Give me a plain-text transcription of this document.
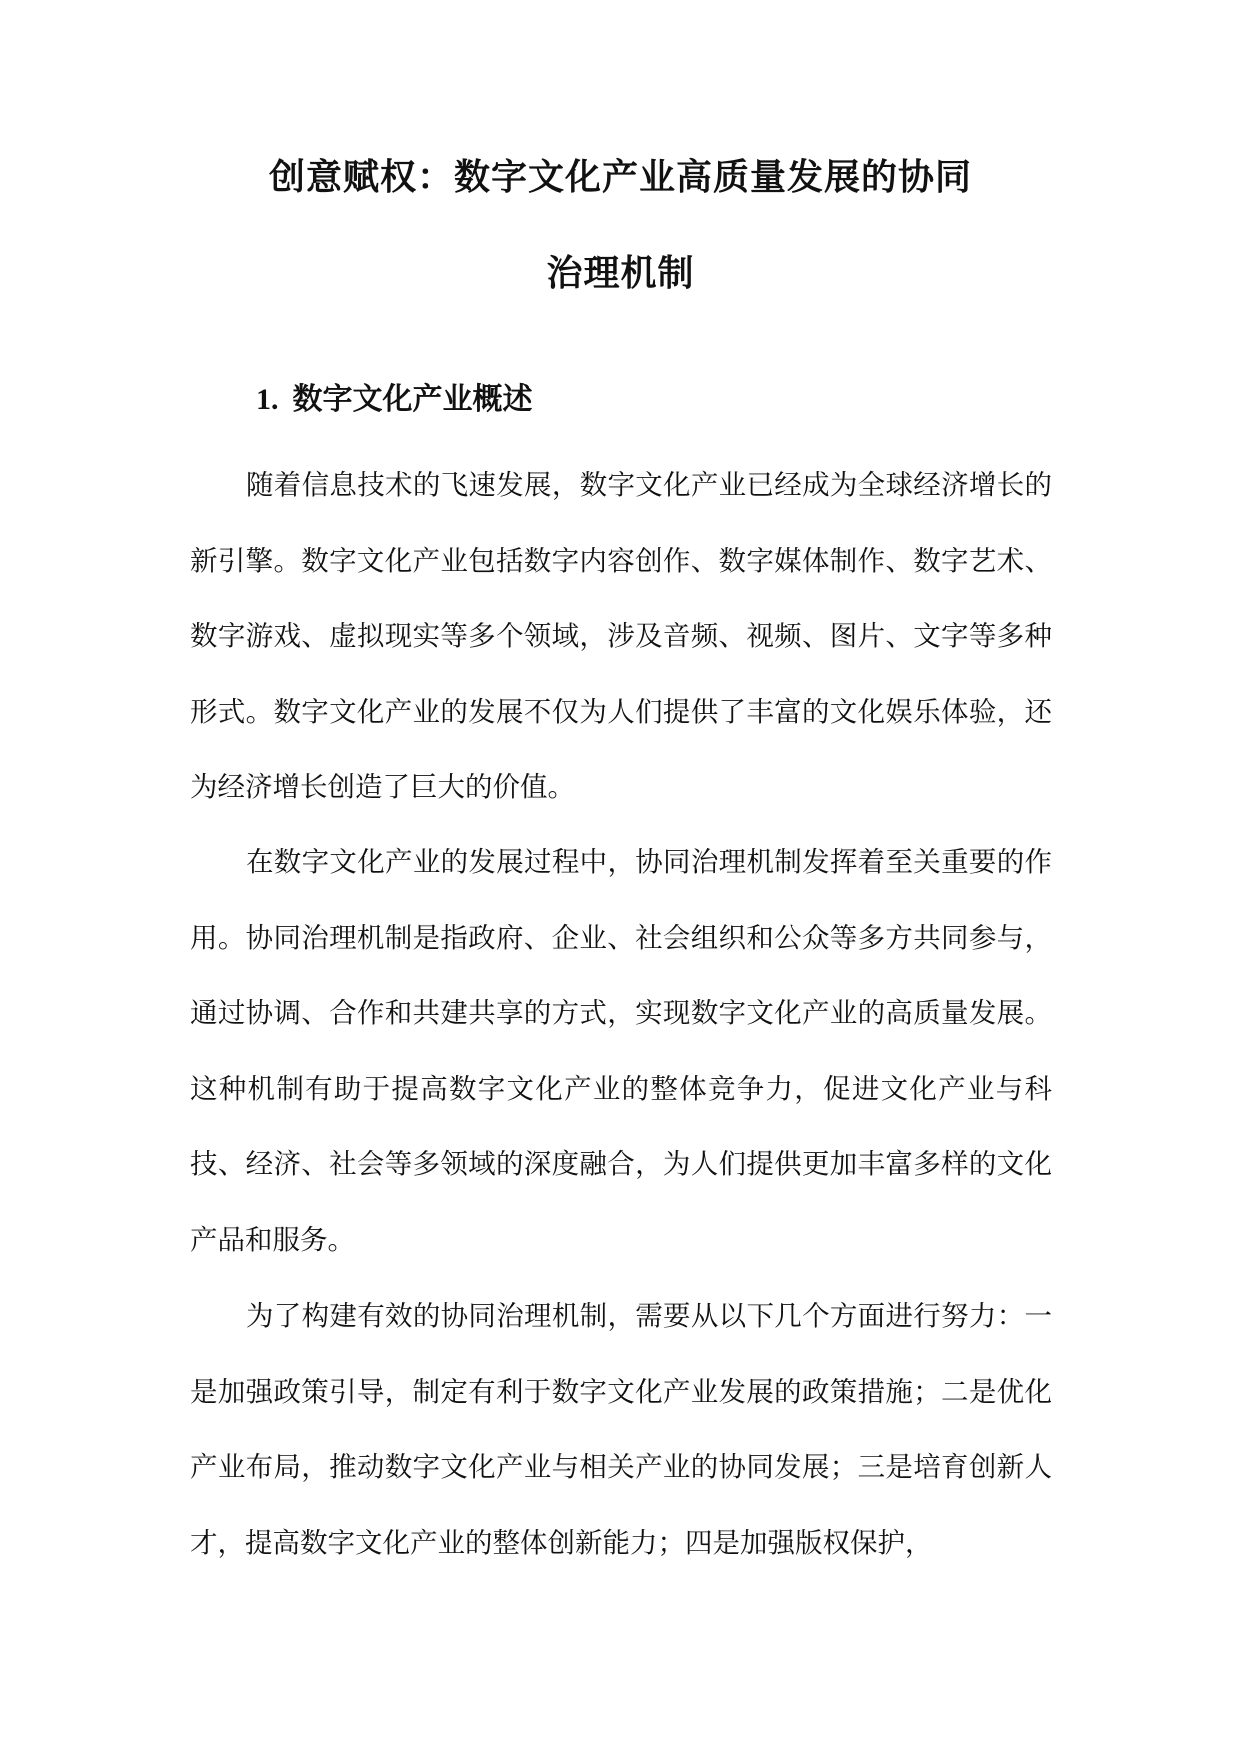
创意赋权：数字文化产业高质量发展的协同
治理机制
1. 数字文化产业概述

随着信息技术的飞速发展，数字文化产业已经成为全球经济增长的新引擎。数字文化产业包括数字内容创作、数字媒体制作、数字艺术、数字游戏、虚拟现实等多个领域，涉及音频、视频、图片、文字等多种形式。数字文化产业的发展不仅为人们提供了丰富的文化娱乐体验，还为经济增长创造了巨大的价值。

在数字文化产业的发展过程中，协同治理机制发挥着至关重要的作用。协同治理机制是指政府、企业、社会组织和公众等多方共同参与，通过协调、合作和共建共享的方式，实现数字文化产业的高质量发展。这种机制有助于提高数字文化产业的整体竞争力，促进文化产业与科技、经济、社会等多领域的深度融合，为人们提供更加丰富多样的文化产品和服务。

为了构建有效的协同治理机制，需要从以下几个方面进行努力：一是加强政策引导，制定有利于数字文化产业发展的政策措施；二是优化产业布局，推动数字文化产业与相关产业的协同发展；三是培育创新人才，提高数字文化产业的整体创新能力；四是加强版权保护，
